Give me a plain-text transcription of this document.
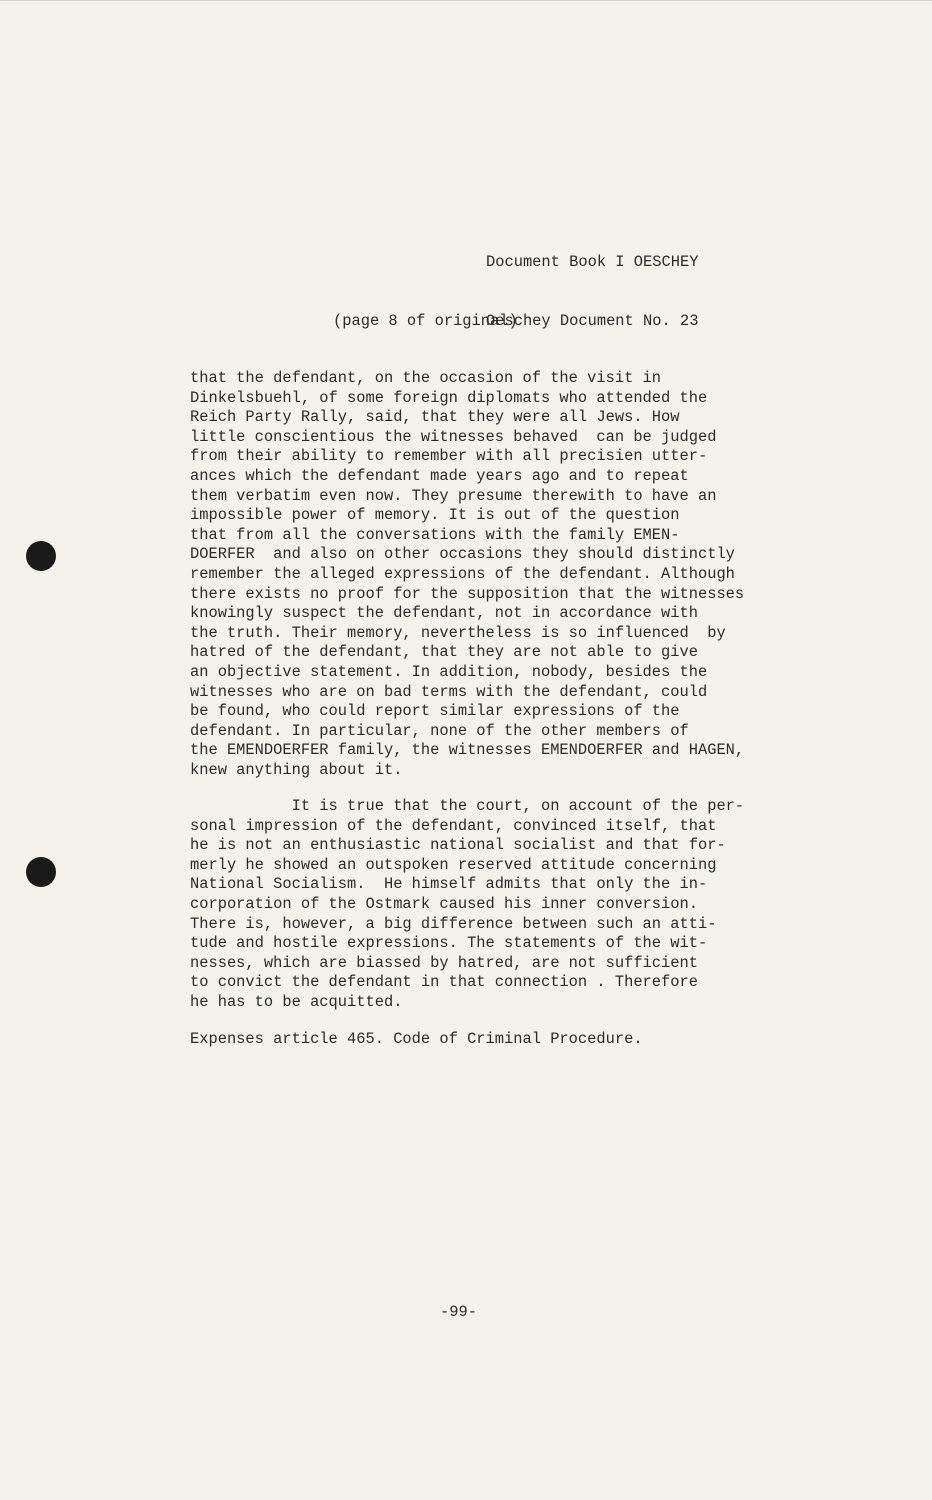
Document Book I OESCHEY

Oeschey Document No. 23

(page 8 of original)
that the defendant, on the occasion of the visit in
Dinkelsbuehl, of some foreign diplomats who attended the
Reich Party Rally, said, that they were all Jews. How
little conscientious the witnesses behaved  can be judged
from their ability to remember with all precisien utter-
ances which the defendant made years ago and to repeat
them verbatim even now. They presume therewith to have an
impossible power of memory. It is out of the question
that from all the conversations with the family EMEN-
DOERFER  and also on other occasions they should distinctly
remember the alleged expressions of the defendant. Although
there exists no proof for the supposition that the witnesses
knowingly suspect the defendant, not in accordance with
the truth. Their memory, nevertheless is so influenced  by
hatred of the defendant, that they are not able to give
an objective statement. In addition, nobody, besides the
witnesses who are on bad terms with the defendant, could
be found, who could report similar expressions of the
defendant. In particular, none of the other members of
the EMENDOERFER family, the witnesses EMENDOERFER and HAGEN,
knew anything about it.
It is true that the court, on account of the per-
sonal impression of the defendant, convinced itself, that
he is not an enthusiastic national socialist and that for-
merly he showed an outspoken reserved attitude concerning
National Socialism.  He himself admits that only the in-
corporation of the Ostmark caused his inner conversion.
There is, however, a big difference between such an atti-
tude and hostile expressions. The statements of the wit-
nesses, which are biassed by hatred, are not sufficient
to convict the defendant in that connection . Therefore
he has to be acquitted.
Expenses article 465. Code of Criminal Procedure.
-99-
